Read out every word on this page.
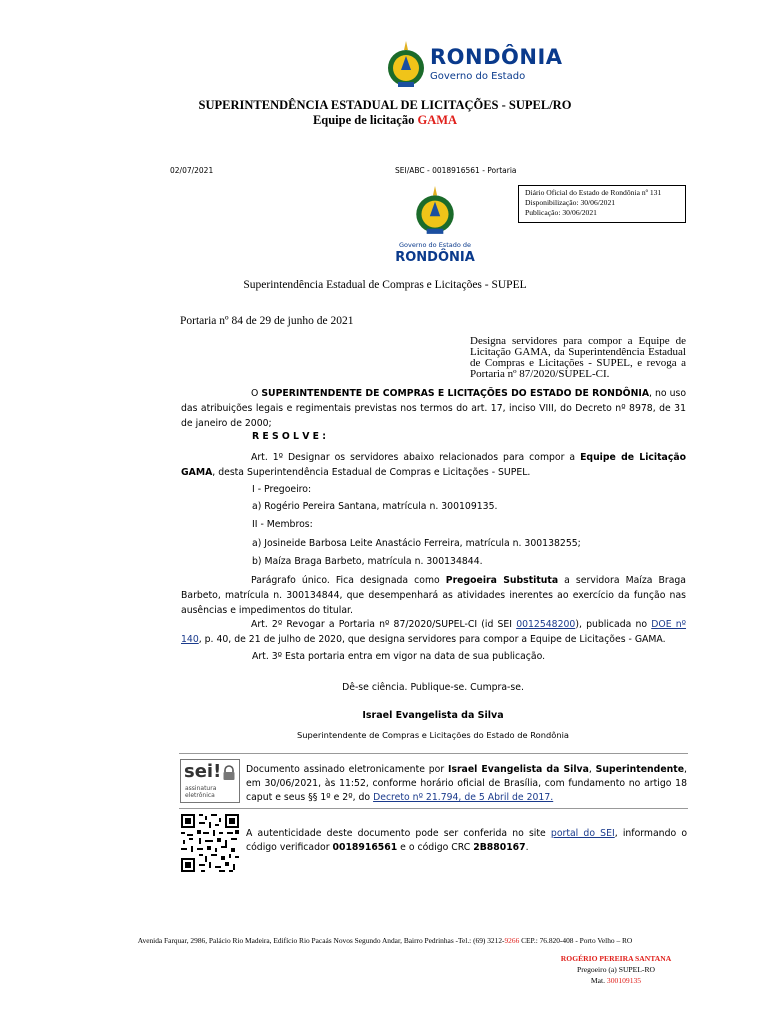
RONDÔNIA
Governo do Estado
SUPERINTENDÊNCIA ESTADUAL DE LICITAÇÕES - SUPEL/RO
Equipe de licitação GAMA
02/07/2021	SEI/ABC - 0018916561 - Portaria
Diário Oficial do Estado de Rondônia nº 131
Disponibilização: 30/06/2021
Publicação: 30/06/2021
Governo do Estado de
RONDÔNIA
Superintendência Estadual de Compras e Licitações - SUPEL
Portaria nº 84 de 29 de junho de 2021
Designa servidores para compor a Equipe de Licitação GAMA, da Superintendência Estadual de Compras e Licitações - SUPEL, e revoga a Portaria nº 87/2020/SUPEL-CI.
O SUPERINTENDENTE DE COMPRAS E LICITAÇÕES DO ESTADO DE RONDÔNIA, no uso das atribuições legais e regimentais previstas nos termos do art. 17, inciso VIII, do Decreto nº 8978, de 31 de janeiro de 2000;
R E S O L V E :
Art. 1º Designar os servidores abaixo relacionados para compor a Equipe de Licitação GAMA, desta Superintendência Estadual de Compras e Licitações - SUPEL.
I - Pregoeiro:
a) Rogério Pereira Santana, matrícula n. 300109135.
II - Membros:
a) Josineide Barbosa Leite Anastácio Ferreira, matrícula n. 300138255;
b) Maíza Braga Barbeto, matrícula n. 300134844.
Parágrafo único. Fica designada como Pregoeira Substituta a servidora Maíza Braga Barbeto, matrícula n. 300134844, que desempenhará as atividades inerentes ao exercício da função nas ausências e impedimentos do titular.
Art. 2º Revogar a Portaria nº 87/2020/SUPEL-CI (id SEI 0012548200), publicada no DOE nº 140, p. 40, de 21 de julho de 2020, que designa servidores para compor a Equipe de Licitações - GAMA.
Art. 3º Esta portaria entra em vigor na data de sua publicação.
Dê-se ciência. Publique-se. Cumpra-se.
Israel Evangelista da Silva
Superintendente de Compras e Licitações do Estado de Rondônia
sei!
assinatura
eletrônica
Documento assinado eletronicamente por Israel Evangelista da Silva, Superintendente, em 30/06/2021, às 11:52, conforme horário oficial de Brasília, com fundamento no artigo 18 caput e seus §§ 1º e 2º, do Decreto nº 21.794, de 5 Abril de 2017.
A autenticidade deste documento pode ser conferida no site portal do SEI, informando o código verificador 0018916561 e o código CRC 2B880167.
Avenida Farquar, 2986, Palácio Rio Madeira, Edifício Rio Pacaás Novos Segundo Andar, Bairro Pedrinhas -Tel.: (69) 3212-9266 CEP.: 76.820-408 - Porto Velho – RO
ROGÉRIO PEREIRA SANTANA
Pregoeiro (a) SUPEL-RO
Mat. 300109135
